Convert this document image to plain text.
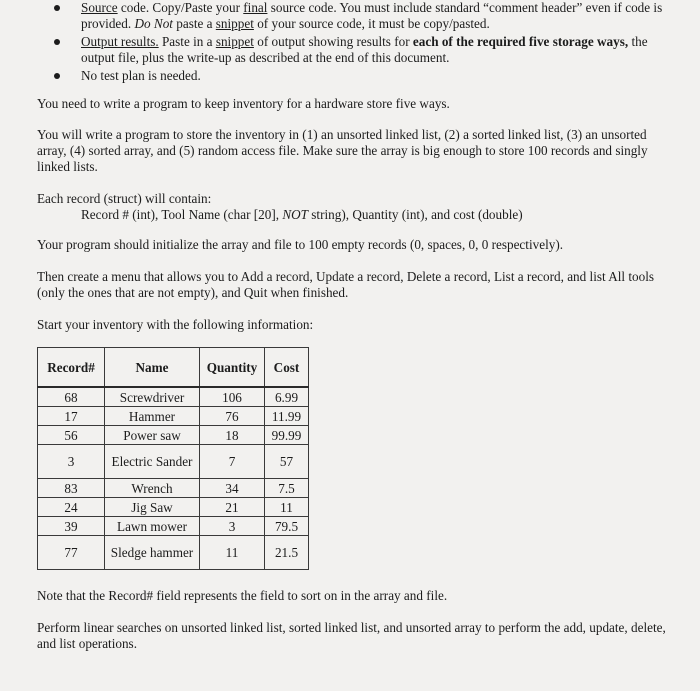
Source code. Copy/Paste your final source code. You must include standard “comment header” even if code is provided. Do Not paste a snippet of your source code, it must be copy/pasted.
Output results. Paste in a snippet of output showing results for each of the required five storage ways, the output file, plus the write-up as described at the end of this document.
No test plan is needed.
You need to write a program to keep inventory for a hardware store five ways.
You will write a program to store the inventory in (1) an unsorted linked list, (2) a sorted linked list, (3) an unsorted array, (4) sorted array, and (5) random access file. Make sure the array is big enough to store 100 records and singly linked lists.
Each record (struct) will contain:
Record # (int), Tool Name (char [20], NOT string), Quantity (int), and cost (double)
Your program should initialize the array and file to 100 empty records (0, spaces, 0, 0 respectively).
Then create a menu that allows you to Add a record, Update a record, Delete a record, List a record, and list All tools (only the ones that are not empty), and Quit when finished.
Start your inventory with the following information:
Record#	Name	Quantity	Cost
68	Screwdriver	106	6.99
17	Hammer	76	11.99
56	Power saw	18	99.99
3	Electric Sander	7	57
83	Wrench	34	7.5
24	Jig Saw	21	11
39	Lawn mower	3	79.5
77	Sledge hammer	11	21.5
Note that the Record# field represents the field to sort on in the array and file.
Perform linear searches on unsorted linked list, sorted linked list, and unsorted array to perform the add, update, delete, and list operations.
